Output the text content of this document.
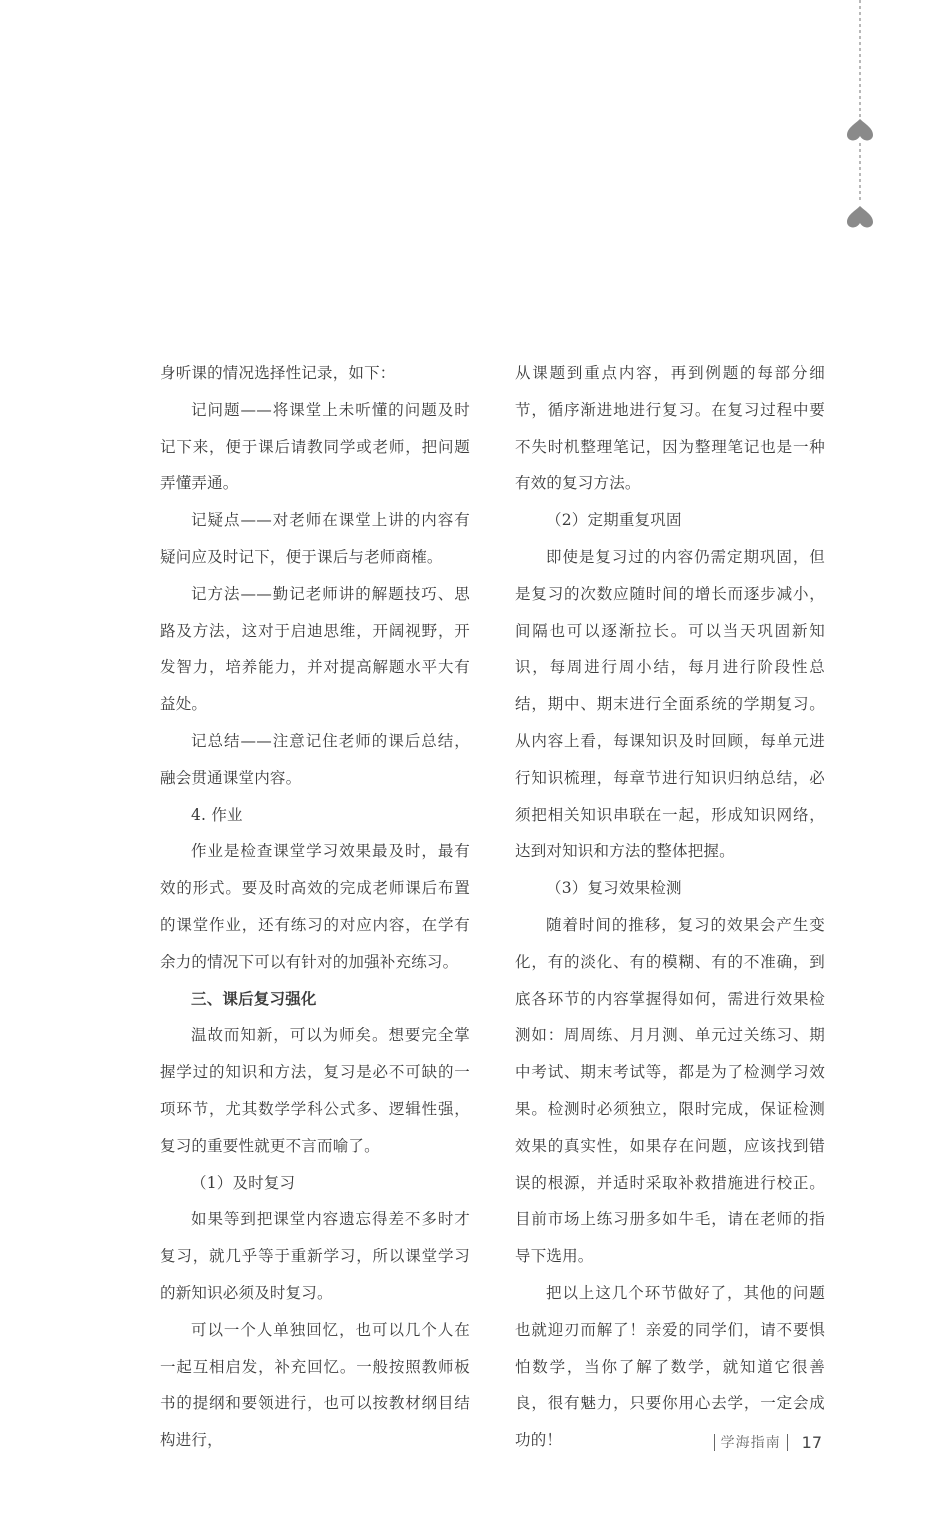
身听课的情况选择性记录，如下：

记问题——将课堂上未听懂的问题及时记下来，便于课后请教同学或老师，把问题弄懂弄通。

记疑点——对老师在课堂上讲的内容有疑问应及时记下，便于课后与老师商榷。

记方法——勤记老师讲的解题技巧、思路及方法，这对于启迪思维，开阔视野，开发智力，培养能力，并对提高解题水平大有益处。

记总结——注意记住老师的课后总结，融会贯通课堂内容。

4. 作业

作业是检查课堂学习效果最及时，最有效的形式。要及时高效的完成老师课后布置的课堂作业，还有练习的对应内容，在学有余力的情况下可以有针对的加强补充练习。

三、课后复习强化

温故而知新，可以为师矣。想要完全掌握学过的知识和方法，复习是必不可缺的一项环节，尤其数学学科公式多、逻辑性强，复习的重要性就更不言而喻了。

（1）及时复习

如果等到把课堂内容遗忘得差不多时才复习，就几乎等于重新学习，所以课堂学习的新知识必须及时复习。

可以一个人单独回忆，也可以几个人在一起互相启发，补充回忆。一般按照教师板书的提纲和要领进行，也可以按教材纲目结构进行，

从课题到重点内容，再到例题的每部分细节，循序渐进地进行复习。在复习过程中要不失时机整理笔记，因为整理笔记也是一种有效的复习方法。

（2）定期重复巩固

即使是复习过的内容仍需定期巩固，但是复习的次数应随时间的增长而逐步减小，间隔也可以逐渐拉长。可以当天巩固新知识，每周进行周小结，每月进行阶段性总结，期中、期末进行全面系统的学期复习。从内容上看，每课知识及时回顾，每单元进行知识梳理，每章节进行知识归纳总结，必须把相关知识串联在一起，形成知识网络，达到对知识和方法的整体把握。

（3）复习效果检测

随着时间的推移，复习的效果会产生变化，有的淡化、有的模糊、有的不准确，到底各环节的内容掌握得如何，需进行效果检测如：周周练、月月测、单元过关练习、期中考试、期末考试等，都是为了检测学习效果。检测时必须独立，限时完成，保证检测效果的真实性，如果存在问题，应该找到错误的根源，并适时采取补救措施进行校正。目前市场上练习册多如牛毛，请在老师的指导下选用。

把以上这几个环节做好了，其他的问题也就迎刃而解了！亲爱的同学们，请不要惧怕数学，当你了解了数学，就知道它很善良，很有魅力，只要你用心去学，一定会成功的！	学海指南 17
